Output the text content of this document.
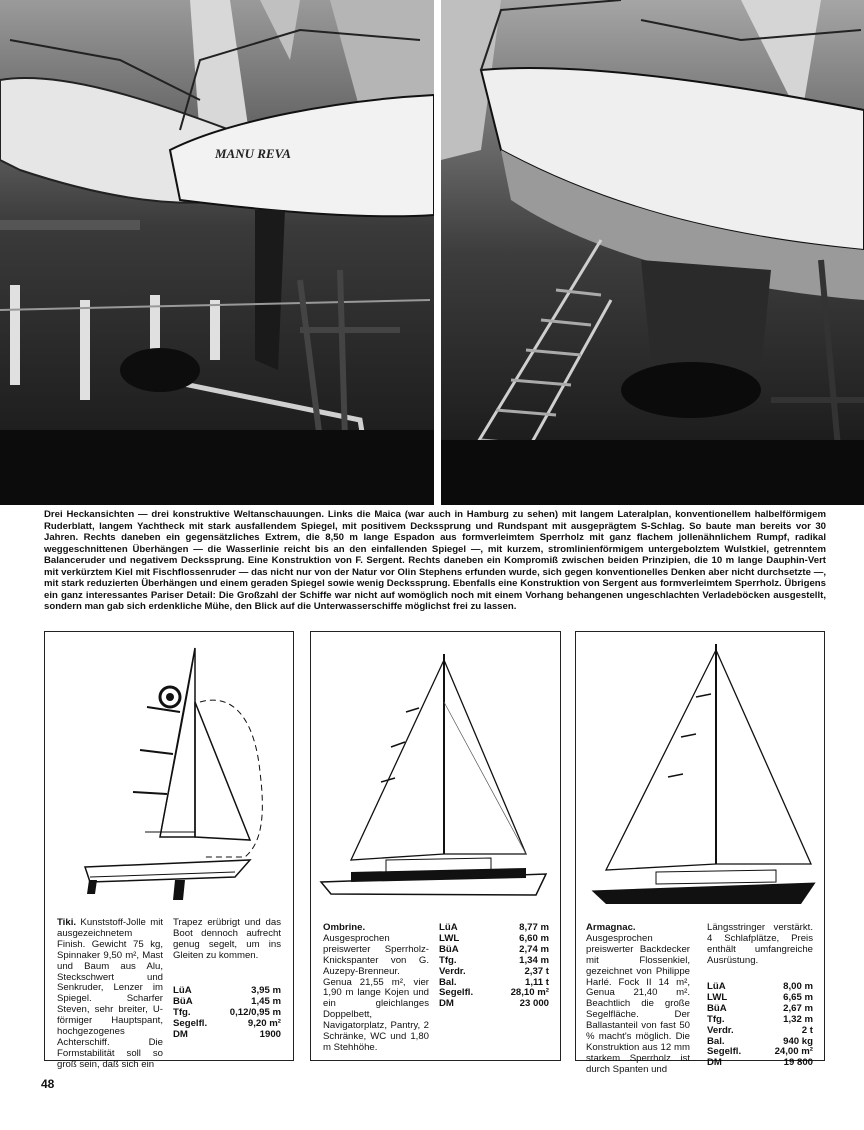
MANU REVA

Drei Heckansichten — drei konstruktive Weltanschauungen. Links die Maica (war auch in Hamburg zu sehen) mit langem Lateralplan, konventionellem halbelförmigem Ruderblatt, langem Yachtheck mit stark ausfallendem Spiegel, mit positivem Deckssprung und Rundspant mit ausgeprägtem S-Schlag. So baute man bereits vor 30 Jahren. Rechts daneben ein gegensätzliches Extrem, die 8,50 m lange Espadon aus formverleimtem Sperrholz mit ganz flachem jollenähnlichem Rumpf, radikal weggeschnittenen Überhängen — die Wasserlinie reicht bis an den einfallenden Spiegel —, mit kurzem, stromlinienförmigem untergebolztem Wulstkiel, getrenntem Balanceruder und negativem Deckssprung. Eine Konstruktion von F. Sergent. Rechts daneben ein Kompromiß zwischen beiden Prinzipien, die 10 m lange Dauphin-Vert mit verkürztem Kiel mit Fischflossenruder — das nicht nur von der Natur vor Olin Stephens erfunden wurde, sich gegen konventionelles Denken aber nicht durchsetzte —, mit stark reduzierten Überhängen und einem geraden Spiegel sowie wenig Deckssprung. Ebenfalls eine Konstruktion von Sergent aus formverleimtem Sperrholz. Übrigens ein ganz interessantes Pariser Detail: Die Großzahl der Schiffe war nicht auf womöglich noch mit einem Vorhang behangenen ungeschlachten Verladeböcken ausgestellt, sondern man gab sich erdenkliche Mühe, den Blick auf die Unterwasserschiffe möglichst frei zu lassen.

Tiki. Kunststoff-Jolle mit ausgezeichnetem Finish. Gewicht 75 kg, Spinnaker 9,50 m², Mast und Baum aus Alu, Steckschwert und Senkruder, Lenzer im Spiegel. Scharfer Steven, sehr breiter, U-förmiger Hauptspant, hochgezogenes Achterschiff. Die Formstabilität soll so groß sein, daß sich ein
Trapez erübrigt und das Boot dennoch aufrecht genug segelt, um ins Gleiten zu kommen.
LüA	3,95 m
BüA	1,45 m
Tfg.	0,12/0,95 m
Segelfl.	9,20 m²
DM	1900
Ombrine. Ausgesprochen preiswerter Sperrholz-Knickspanter von G. Auzepy-Brenneur. Genua 21,55 m², vier 1,90 m lange Kojen und ein gleichlanges Doppelbett, Navigatorplatz, Pantry, 2 Schränke, WC und 1,80 m Stehhöhe.
LüA	8,77 m
LWL	6,60 m
BüA	2,74 m
Tfg.	1,34 m
Verdr.	2,37 t
Bal.	1,11 t
Segelfl.	28,10 m²
DM	23 000
Armagnac. Ausgesprochen preiswerter Backdecker mit Flossenkiel, gezeichnet von Philippe Harlé. Fock II 14 m², Genua 21,40 m². Beachtlich die große Segelfläche. Der Ballastanteil von fast 50 % macht's möglich. Die Konstruktion aus 12 mm starkem Sperrholz ist durch Spanten und
Längsstringer verstärkt. 4 Schlafplätze, Preis enthält umfangreiche Ausrüstung.
LüA	8,00 m
LWL	6,65 m
BüA	2,67 m
Tfg.	1,32 m
Verdr.	2 t
Bal.	940 kg
Segelfl.	24,00 m²
DM	19 800
48
